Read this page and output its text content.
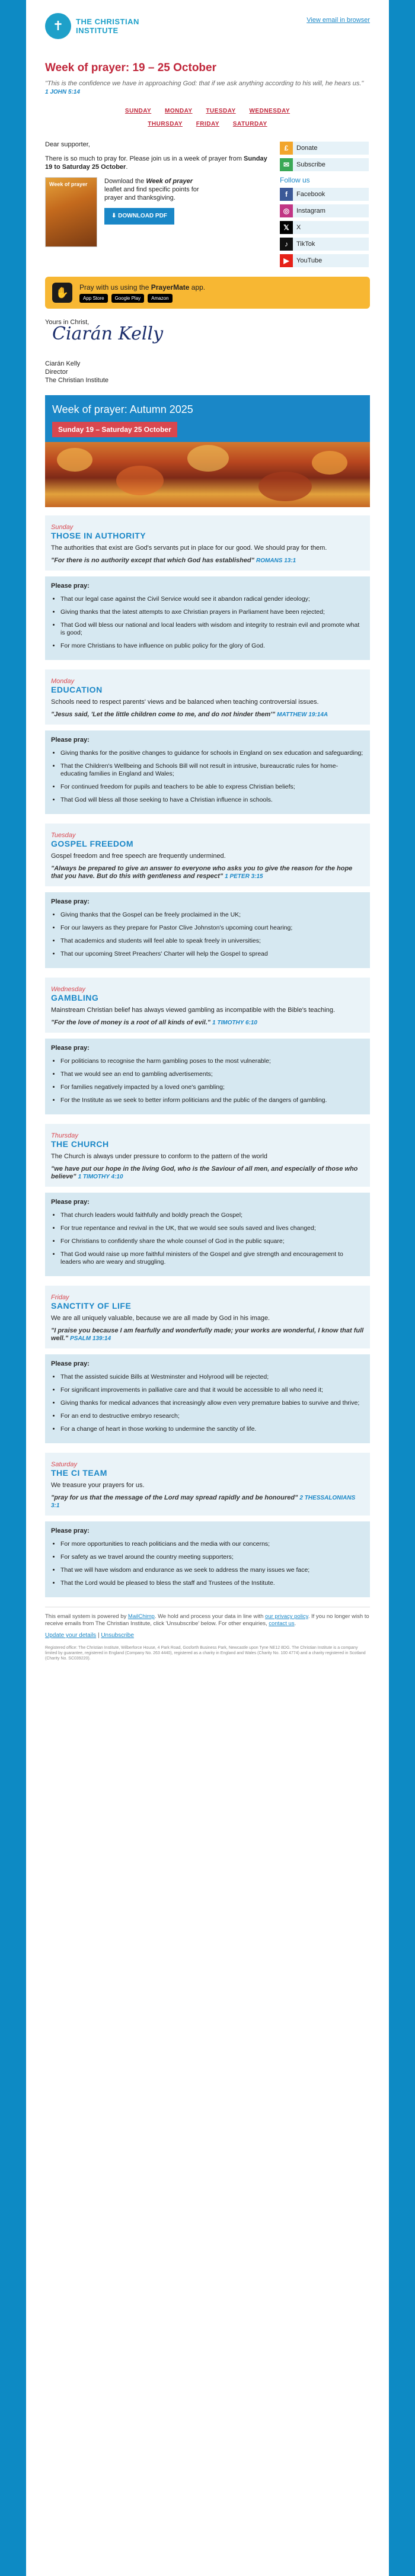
✝	THE CHRISTIAN
INSTITUTE
View email in browser
Week of prayer: 19 – 25 October
"This is the confidence we have in approaching God: that if we ask anything according to his will, he hears us."
1 JOHN 5:14
SUNDAY MONDAY TUESDAY WEDNESDAY
THURSDAY FRIDAY SATURDAY

Dear supporter,

There is so much to pray for. Please join us in a week of prayer from Sunday 19 to Saturday 25 October.

Week of prayer	Download the Week of prayer leaflet and find specific points for prayer and thanksgiving.
⬇ DOWNLOAD PDF
£	Donate
✉	Subscribe
Follow us
f	Facebook
◎	Instagram
𝕏	X
♪	TikTok
▶	YouTube
✋	Pray with us using the PrayerMate app.
App Store	Google Play	Amazon
Yours in Christ,
Ciarán Kelly
Ciarán Kelly
Director
The Christian Institute
Week of prayer: Autumn 2025
Sunday 19 – Saturday 25 October
Sunday
THOSE IN AUTHORITY
The authorities that exist are God's servants put in place for our good. We should pray for them.
"For there is no authority except that which God has established" ROMANS 13:1
Please pray:
• That our legal case against the Civil Service would see it abandon radical gender ideology;
• Giving thanks that the latest attempts to axe Christian prayers in Parliament have been rejected;
• That God will bless our national and local leaders with wisdom and integrity to restrain evil and promote what is good;
• For more Christians to have influence on public policy for the glory of God.
Monday
EDUCATION
Schools need to respect parents' views and be balanced when teaching controversial issues.
"Jesus said, 'Let the little children come to me, and do not hinder them'" MATTHEW 19:14A
Please pray:
• Giving thanks for the positive changes to guidance for schools in England on sex education and safeguarding;
• That the Children's Wellbeing and Schools Bill will not result in intrusive, bureaucratic rules for home-educating families in England and Wales;
• For continued freedom for pupils and teachers to be able to express Christian beliefs;
• That God will bless all those seeking to have a Christian influence in schools.
Tuesday
GOSPEL FREEDOM
Gospel freedom and free speech are frequently undermined.
"Always be prepared to give an answer to everyone who asks you to give the reason for the hope that you have. But do this with gentleness and respect" 1 PETER 3:15
Please pray:
• Giving thanks that the Gospel can be freely proclaimed in the UK;
• For our lawyers as they prepare for Pastor Clive Johnston's upcoming court hearing;
• That academics and students will feel able to speak freely in universities;
• That our upcoming Street Preachers' Charter will help the Gospel to spread
Wednesday
GAMBLING
Mainstream Christian belief has always viewed gambling as incompatible with the Bible's teaching.
"For the love of money is a root of all kinds of evil." 1 TIMOTHY 6:10
Please pray:
• For politicians to recognise the harm gambling poses to the most vulnerable;
• That we would see an end to gambling advertisements;
• For families negatively impacted by a loved one's gambling;
• For the Institute as we seek to better inform politicians and the public of the dangers of gambling.
Thursday
THE CHURCH
The Church is always under pressure to conform to the pattern of the world
"we have put our hope in the living God, who is the Saviour of all men, and especially of those who believe" 1 TIMOTHY 4:10
Please pray:
• That church leaders would faithfully and boldly preach the Gospel;
• For true repentance and revival in the UK, that we would see souls saved and lives changed;
• For Christians to confidently share the whole counsel of God in the public square;
• That God would raise up more faithful ministers of the Gospel and give strength and encouragement to leaders who are weary and struggling.
Friday
SANCTITY OF LIFE
We are all uniquely valuable, because we are all made by God in his image.
"I praise you because I am fearfully and wonderfully made; your works are wonderful, I know that full well." PSALM 139:14
Please pray:
• That the assisted suicide Bills at Westminster and Holyrood will be rejected;
• For significant improvements in palliative care and that it would be accessible to all who need it;
• Giving thanks for medical advances that increasingly allow even very premature babies to survive and thrive;
• For an end to destructive embryo research;
• For a change of heart in those working to undermine the sanctity of life.
Saturday
THE CI TEAM
We treasure your prayers for us.
"pray for us that the message of the Lord may spread rapidly and be honoured" 2 THESSALONIANS 3:1
Please pray:
• For more opportunities to reach politicians and the media with our concerns;
• For safety as we travel around the country meeting supporters;
• That we will have wisdom and endurance as we seek to address the many issues we face;
• That the Lord would be pleased to bless the staff and Trustees of the Institute.
This email system is powered by MailChimp. We hold and process your data in line with our privacy policy. If you no longer wish to receive emails from The Christian Institute, click 'Unsubscribe' below. For other enquiries, contact us.
Update your details | Unsubscribe
Registered office: The Christian Institute, Wilberforce House, 4 Park Road, Gosforth Business Park, Newcastle upon Tyne NE12 8DG. The Christian Institute is a company limited by guarantee, registered in England (Company No. 263 4440), registered as a charity in England and Wales (Charity No. 100 4774) and a charity registered in Scotland (Charity No. SC039220).
